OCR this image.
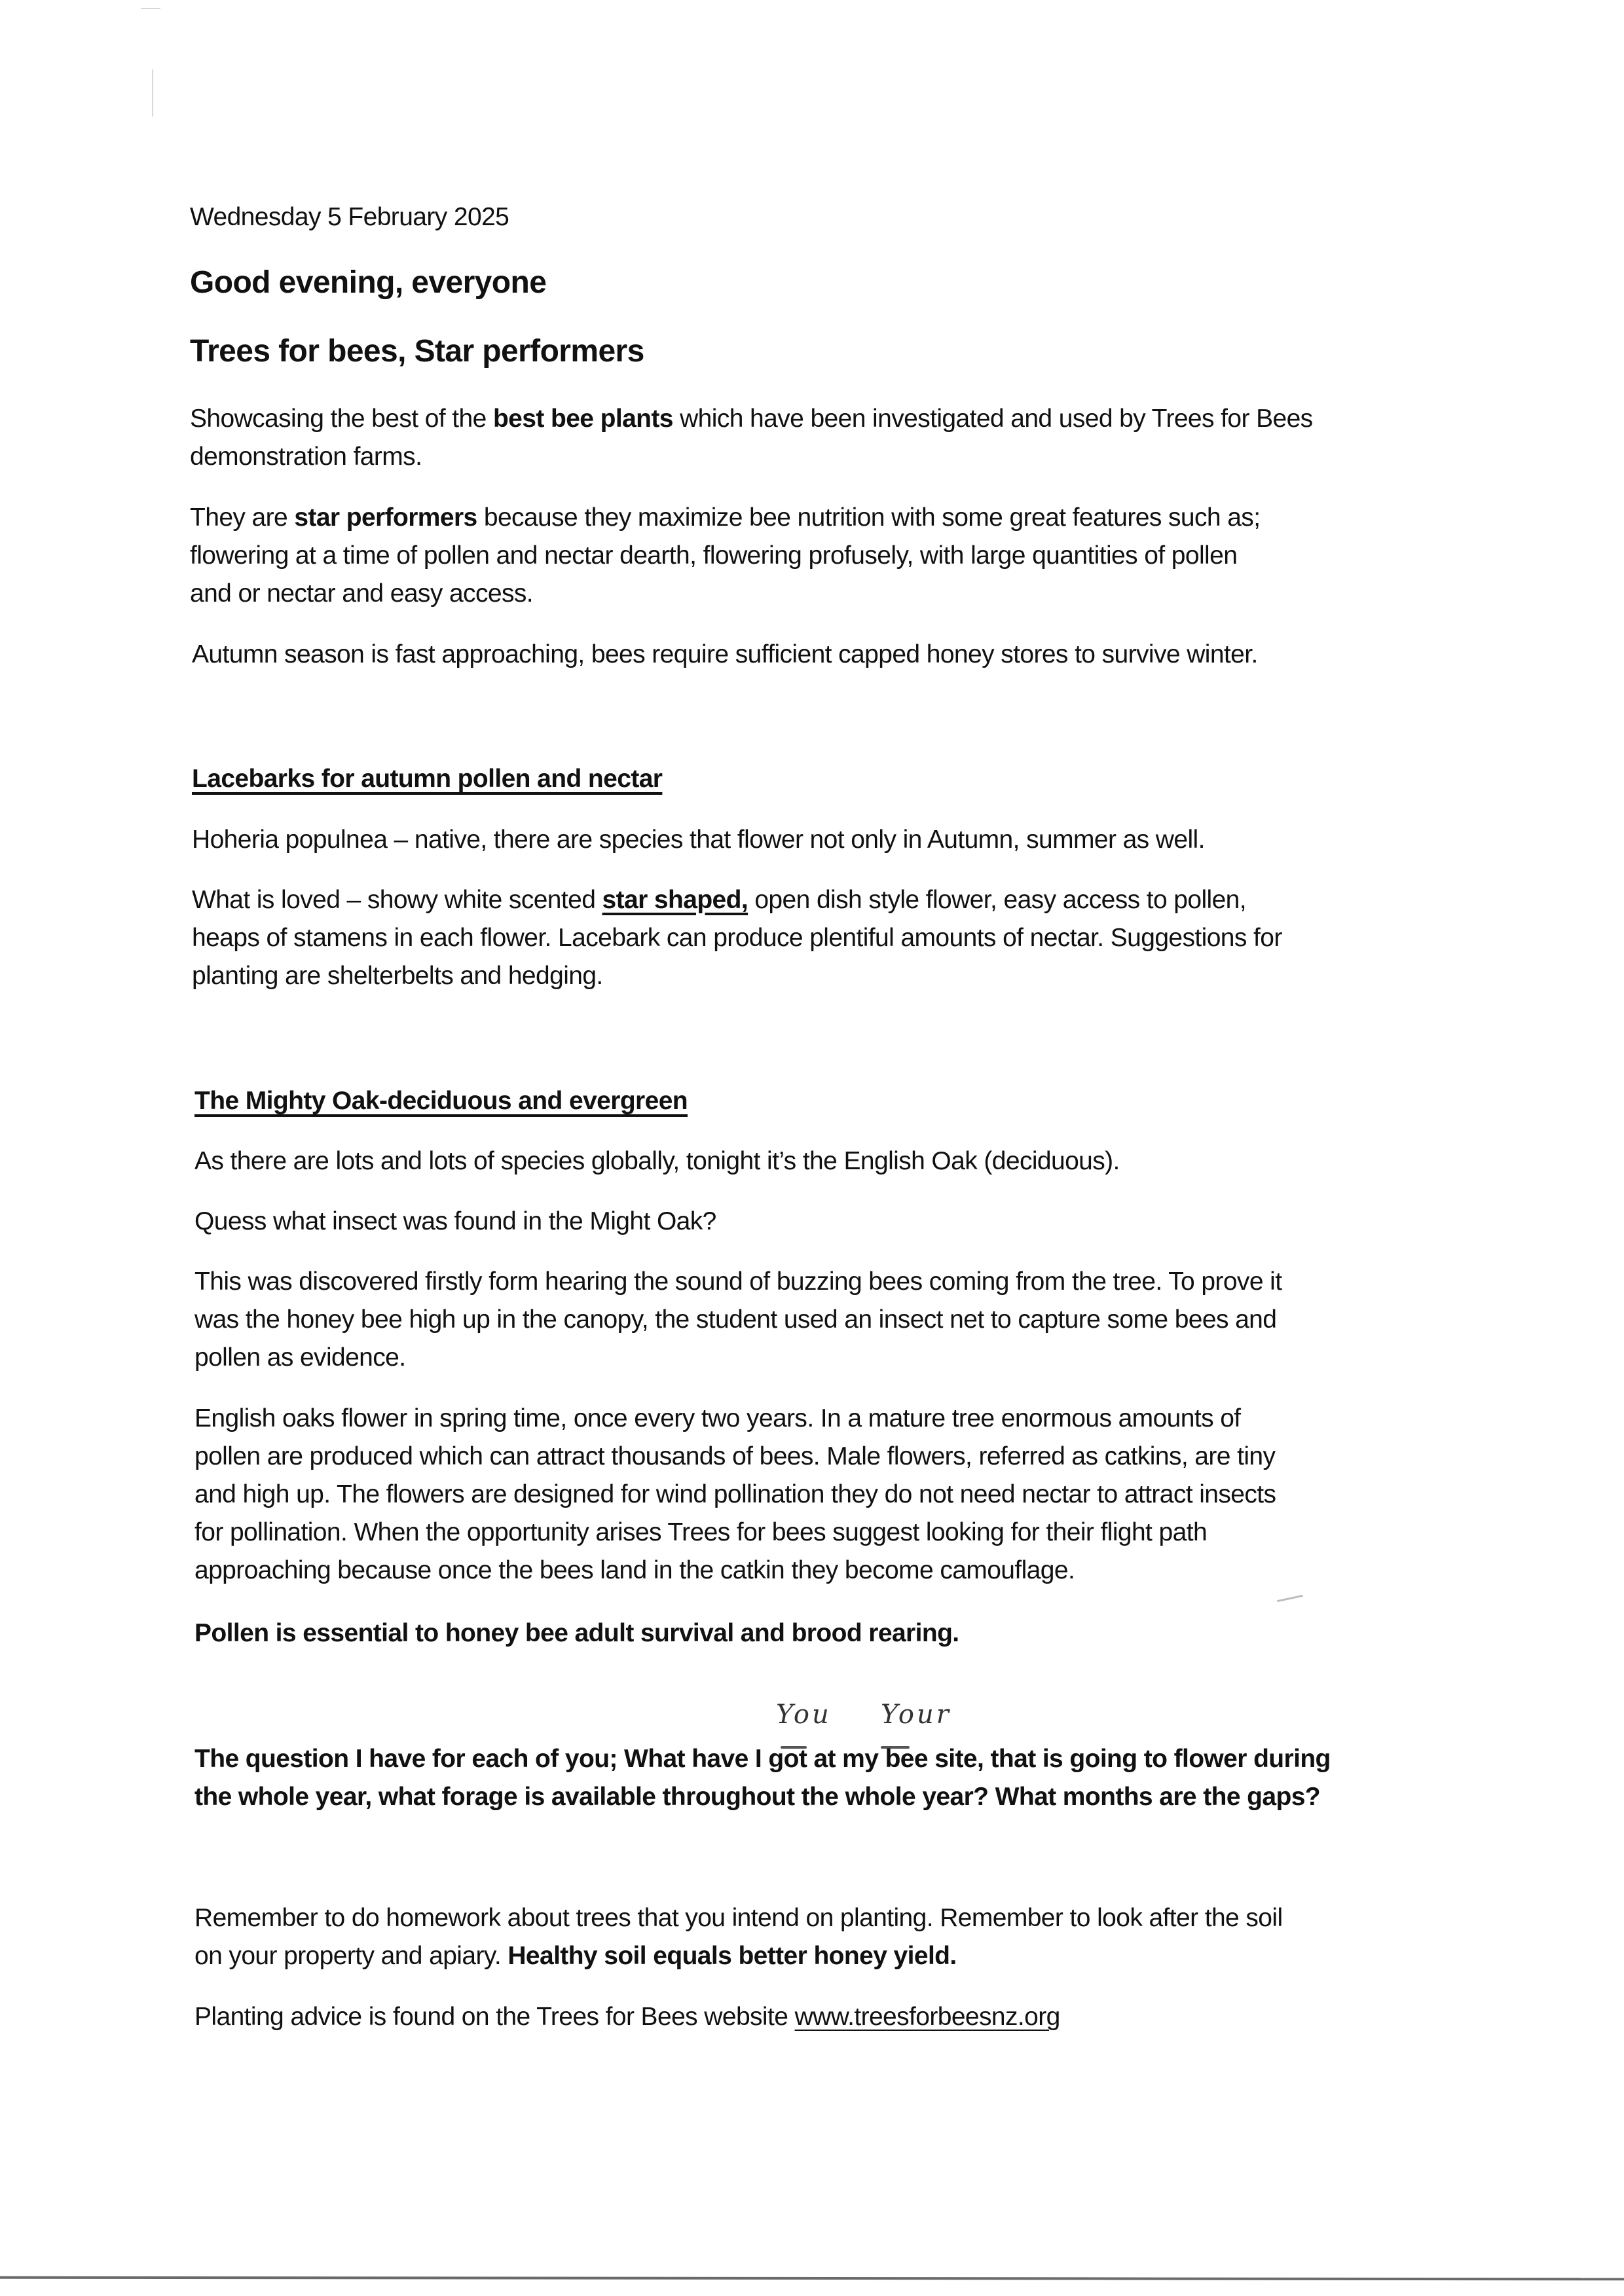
Wednesday 5 February 2025
Good evening, everyone
Trees for bees, Star performers
Showcasing the best of the best bee plants which have been investigated and used by Trees for Bees
demonstration farms.
They are star performers because they maximize bee nutrition with some great features such as;
flowering at a time of pollen and nectar dearth, flowering profusely, with large quantities of pollen
and or nectar and easy access.
Autumn season is fast approaching, bees require sufficient capped honey stores to survive winter.
Lacebarks for autumn pollen and nectar
Hoheria populnea – native, there are species that flower not only in Autumn, summer as well.
What is loved – showy white scented star shaped, open dish style flower, easy access to pollen,
heaps of stamens in each flower. Lacebark can produce plentiful amounts of nectar. Suggestions for
planting are shelterbelts and hedging.
The Mighty Oak-deciduous and evergreen
As there are lots and lots of species globally, tonight it’s the English Oak (deciduous).
Quess what insect was found in the Might Oak?
This was discovered firstly form hearing the sound of buzzing bees coming from the tree. To prove it
was the honey bee high up in the canopy, the student used an insect net to capture some bees and
pollen as evidence.
English oaks flower in spring time, once every two years. In a mature tree enormous amounts of
pollen are produced which can attract thousands of bees. Male flowers, referred as catkins, are tiny
and high up. The flowers are designed for wind pollination they do not need nectar to attract insects
for pollination. When the opportunity arises Trees for bees suggest looking for their flight path
approaching because once the bees land in the catkin they become camouflage.
Pollen is essential to honey bee adult survival and brood rearing.
You Your
The question I have for each of you; What have I got at my bee site, that is going to flower during
the whole year, what forage is available throughout the whole year? What months are the gaps?
Remember to do homework about trees that you intend on planting. Remember to look after the soil
on your property and apiary. Healthy soil equals better honey yield.
Planting advice is found on the Trees for Bees website www.treesforbeesnz.org
